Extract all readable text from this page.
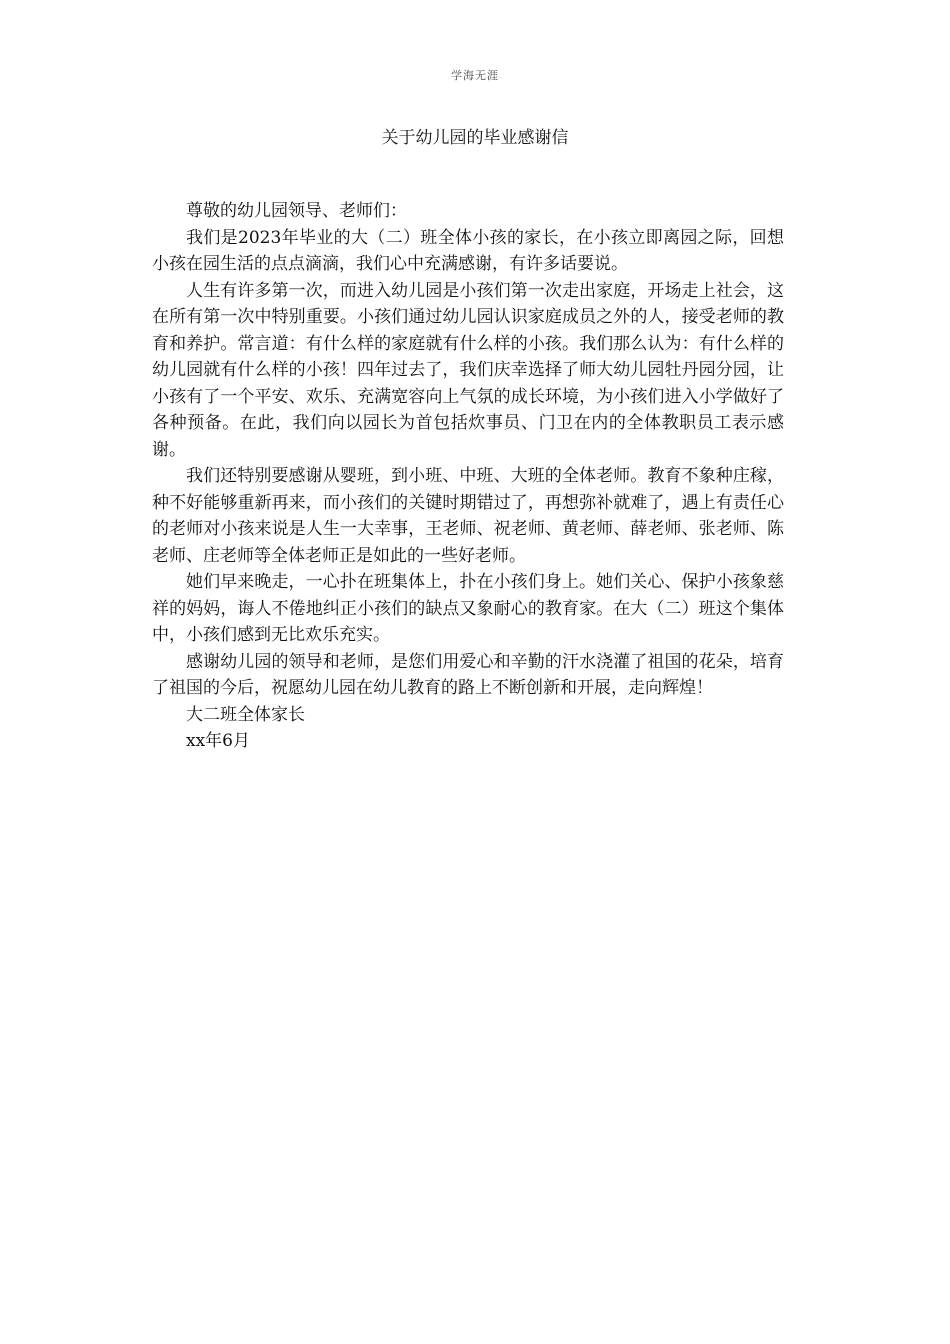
学海无涯
关于幼儿园的毕业感谢信

尊敬的幼儿园领导、老师们：

我们是2023年毕业的大（二）班全体小孩的家长，在小孩立即离园之际，回想小孩在园生活的点点滴滴，我们心中充满感谢，有许多话要说。

人生有许多第一次，而进入幼儿园是小孩们第一次走出家庭，开场走上社会，这在所有第一次中特别重要。小孩们通过幼儿园认识家庭成员之外的人，接受老师的教育和养护。常言道：有什么样的家庭就有什么样的小孩。我们那么认为：有什么样的幼儿园就有什么样的小孩！四年过去了，我们庆幸选择了师大幼儿园牡丹园分园，让小孩有了一个平安、欢乐、充满宽容向上气氛的成长环境，为小孩们进入小学做好了各种预备。在此，我们向以园长为首包括炊事员、门卫在内的全体教职员工表示感谢。

我们还特别要感谢从婴班，到小班、中班、大班的全体老师。教育不象种庄稼，种不好能够重新再来，而小孩们的关键时期错过了，再想弥补就难了，遇上有责任心的老师对小孩来说是人生一大幸事，王老师、祝老师、黄老师、薛老师、张老师、陈老师、庄老师等全体老师正是如此的一些好老师。

她们早来晚走，一心扑在班集体上，扑在小孩们身上。她们关心、保护小孩象慈祥的妈妈，诲人不倦地纠正小孩们的缺点又象耐心的教育家。在大（二）班这个集体中，小孩们感到无比欢乐充实。

感谢幼儿园的领导和老师，是您们用爱心和辛勤的汗水浇灌了祖国的花朵，培育了祖国的今后，祝愿幼儿园在幼儿教育的路上不断创新和开展，走向辉煌！

大二班全体家长

xx年6月
